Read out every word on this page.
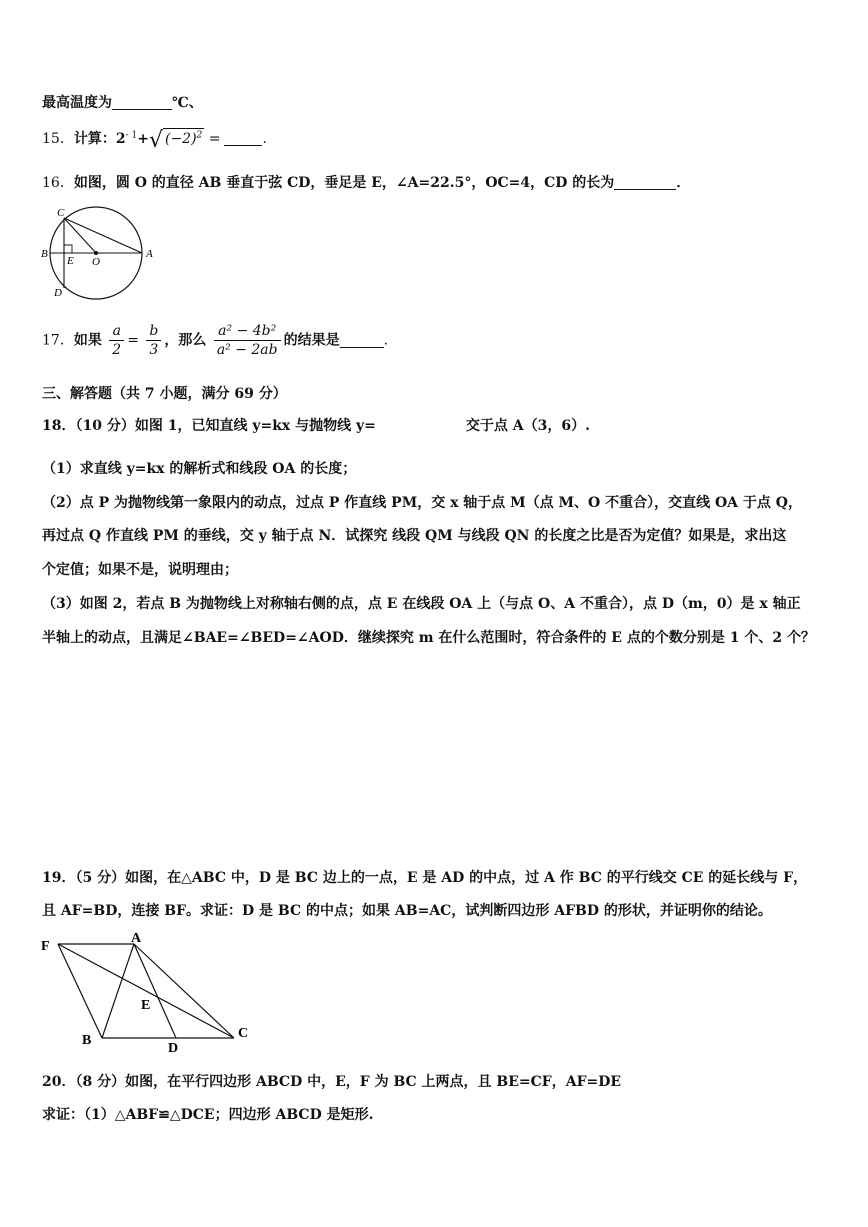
最高温度为	℃、
15．计算：$2^{- 1}+√$ $(-2)^2$ =	．
16．如图，圆 O 的直径 AB 垂直于弦 CD，垂足是 E，∠A=22.5°，OC=4，CD 的长为	．
C
B
E O
A
D
17．如果 $\frac{a}{2} = \frac{b}{3}$ ，那么 $\frac{\text{a² − 4b²}}{\text{a² − 2ab}}$ 的结果是	.
三、解答题（共 7 小题，满分 69 分）
18．（10 分）如图 1，已知直线 y=kx 与抛物线 y=	交于点 A（3，6）.
（1）求直线 y=kx 的解析式和线段 OA 的长度；
（2）点 P 为抛物线第一象限内的动点，过点 P 作直线 PM，交 x 轴于点 M（点 M、O 不重合），交直线 OA 于点 Q，
再过点 Q 作直线 PM 的垂线，交 y 轴于点 N．试探究 线段 QM 与线段 QN 的长度之比是否为定值？如果是，求出这
个定值；如果不是，说明理由；
（3）如图 2，若点 B 为抛物线上对称轴右侧的点，点 E 在线段 OA 上（与点 O、A 不重合），点 D（m，0）是 x 轴正
半轴上的动点，且满足∠BAE=∠BED=∠AOD．继续探究 m 在什么范围时，符合条件的 E 点的个数分别是 1 个、2 个？
19．（5 分）如图，在△ABC 中，D 是 BC 边上的一点，E 是 AD 的中点，过 A 作 BC 的平行线交 CE 的延长线与 F，
且 AF=BD，连接 BF。求证：D 是 BC 的中点；如果 AB=AC，试判断四边形 AFBD 的形状，并证明你的结论。
F
A
E
B
D
C
20．（8 分）如图，在平行四边形 ABCD 中，E，F 为 BC 上两点，且 BE=CF，AF=DE
求证：（1）△ABF≌△DCE；四边形 ABCD 是矩形.
